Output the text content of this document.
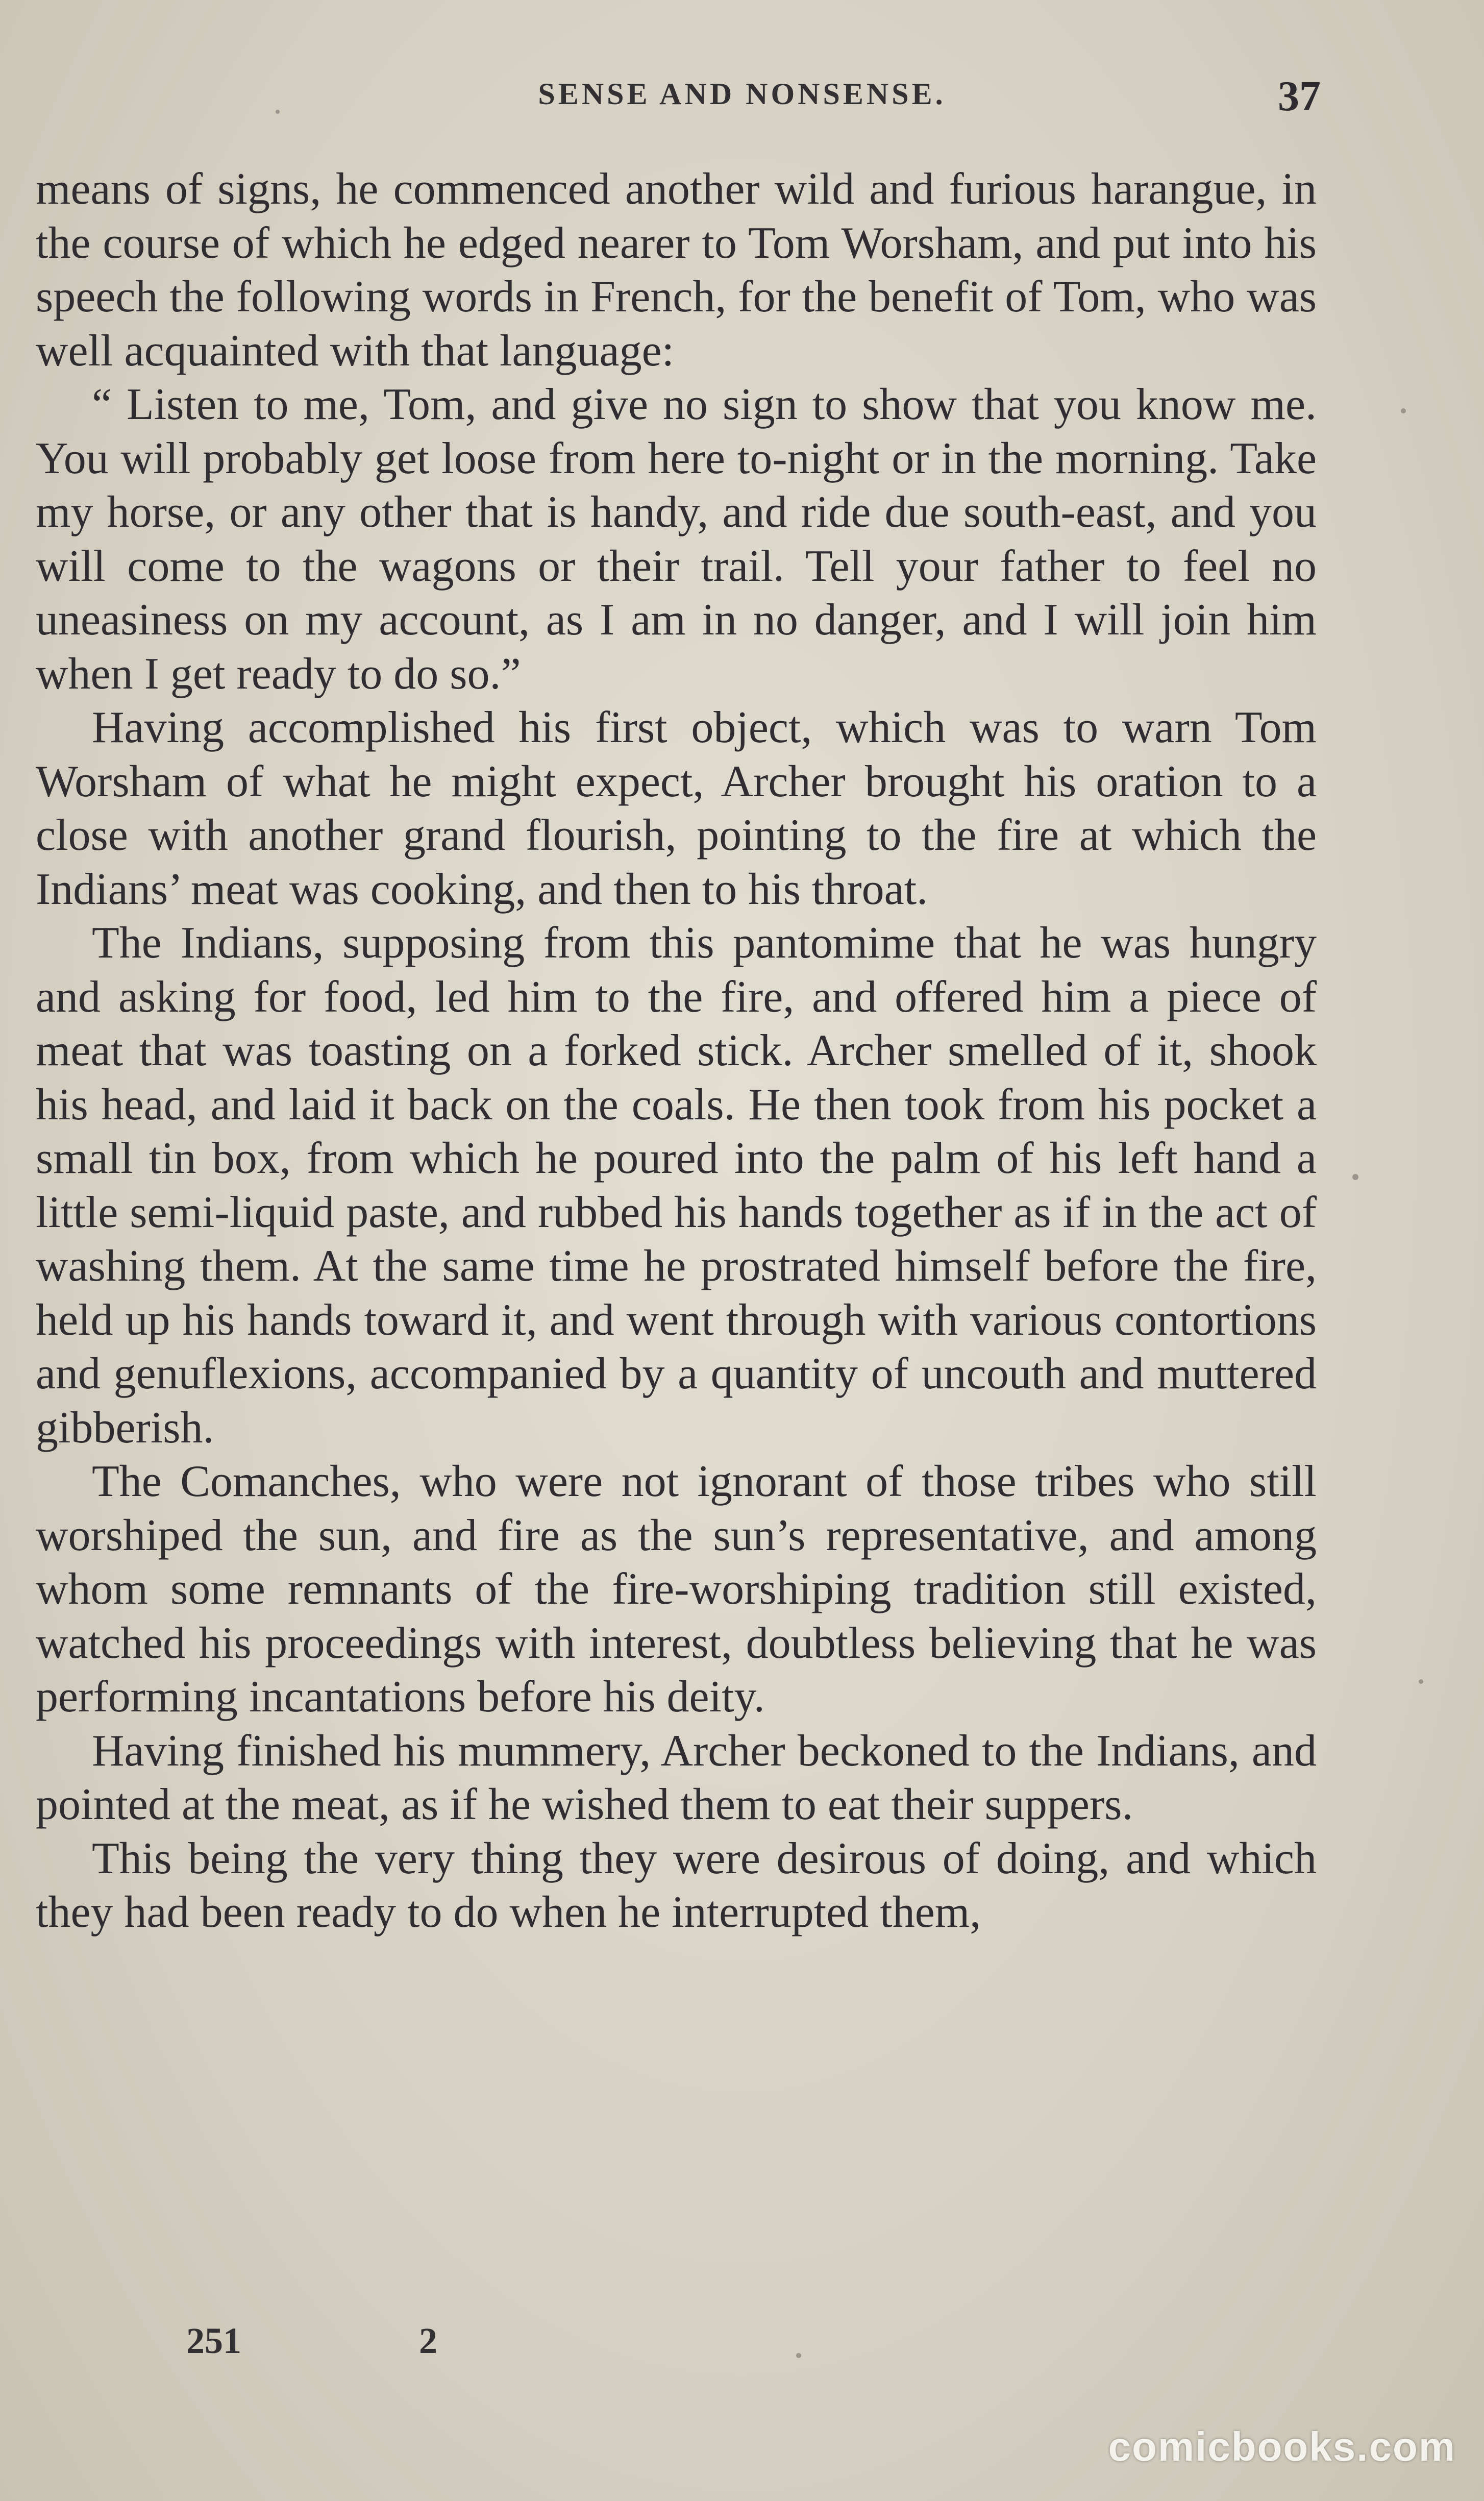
SENSE AND NONSENSE.	37

means of signs, he commenced another wild and furious harangue, in the course of which he edged nearer to Tom Worsham, and put into his speech the following words in French, for the benefit of Tom, who was well acquainted with that language:

“ Listen to me, Tom, and give no sign to show that you know me. You will probably get loose from here to-night or in the morning. Take my horse, or any other that is handy, and ride due south-east, and you will come to the wagons or their trail. Tell your father to feel no uneasiness on my account, as I am in no danger, and I will join him when I get ready to do so.”

Having accomplished his first object, which was to warn Tom Worsham of what he might expect, Archer brought his oration to a close with another grand flourish, pointing to the fire at which the Indians’ meat was cooking, and then to his throat.

The Indians, supposing from this pantomime that he was hungry and asking for food, led him to the fire, and offered him a piece of meat that was toasting on a forked stick. Archer smelled of it, shook his head, and laid it back on the coals. He then took from his pocket a small tin box, from which he poured into the palm of his left hand a little semi-liquid paste, and rubbed his hands together as if in the act of washing them. At the same time he prostrated himself before the fire, held up his hands toward it, and went through with various contortions and genuflexions, accompanied by a quantity of uncouth and muttered gibberish.

The Comanches, who were not ignorant of those tribes who still worshiped the sun, and fire as the sun’s representative, and among whom some remnants of the fire-worshiping tradition still existed, watched his proceedings with interest, doubtless believing that he was performing incantations before his deity.

Having finished his mummery, Archer beckoned to the Indians, and pointed at the meat, as if he wished them to eat their suppers.

This being the very thing they were desirous of doing, and which they had been ready to do when he interrupted them,

251	2
comicbooks.com
